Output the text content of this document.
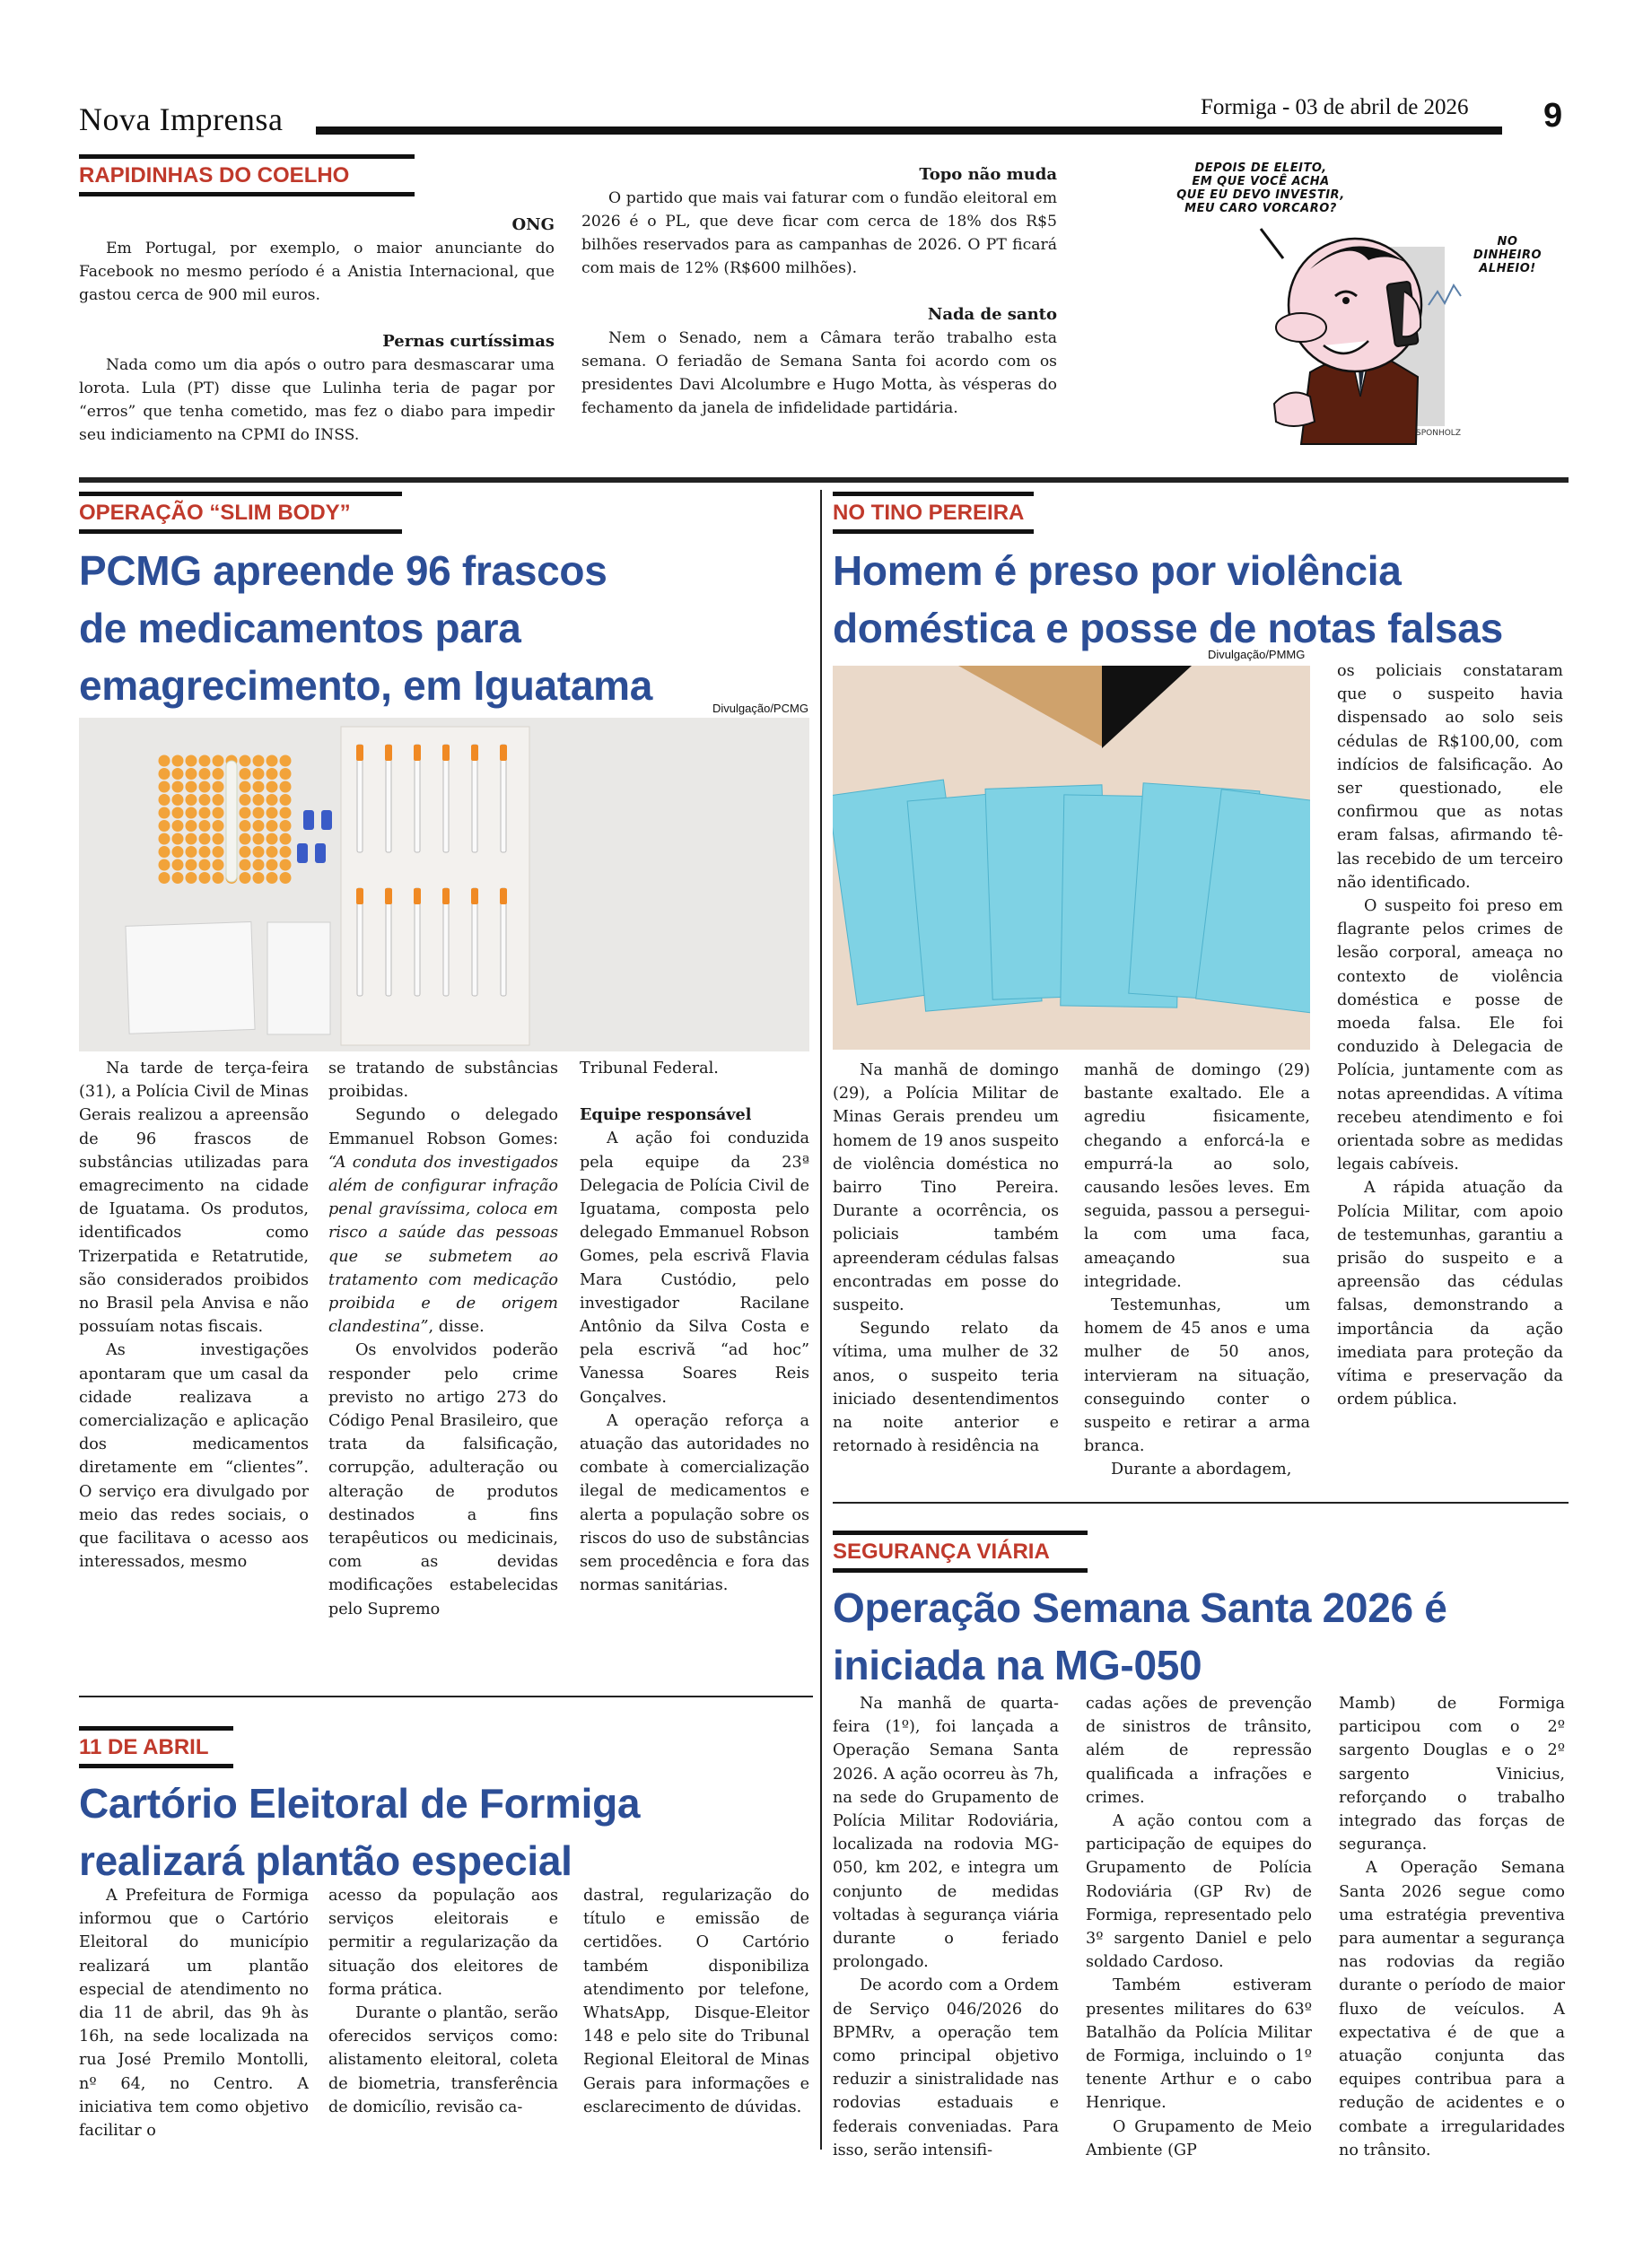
Nova Imprensa	Formiga - 03 de abril de 2026 9
RAPIDINHAS DO COELHO
ONG

Em Portugal, por exemplo, o maior anunciante do Facebook no mesmo período é a Anistia Internacional, que gastou cerca de 900 mil euros.

Pernas curtíssimas

Nada como um dia após o outro para desmascarar uma lorota. Lula (PT) disse que Lulinha teria de pagar por “erros” que tenha cometido, mas fez o diabo para impedir seu indiciamento na CPMI do INSS.

Topo não muda

O partido que mais vai faturar com o fundão eleitoral em 2026 é o PL, que deve ficar com cerca de 18% dos R$5 bilhões reservados para as campanhas de 2026. O PT ficará com mais de 12% (R$600 milhões).

Nada de santo

Nem o Senado, nem a Câmara terão trabalho esta semana. O feriadão de Semana Santa foi acordo com os presidentes Davi Alcolumbre e Hugo Motta, às vésperas do fechamento da janela de infidelidade partidária.

DEPOIS DE ELEITO,
EM QUE VOCÊ ACHA
QUE EU DEVO INVESTIR,
MEU CARO VORCARO?
NO
DINHEIRO
ALHEIO!
SPONHOLZ
OPERAÇÃO “SLIM BODY”
PCMG apreende 96 frascos
de medicamentos para
emagrecimento, em Iguatama	Divulgação/PCMG

Na tarde de terça-feira (31), a Polícia Civil de Minas Gerais realizou a apreensão de 96 frascos de substâncias utilizadas para emagrecimento na cidade de Iguatama. Os produtos, identificados como Trizerpatida e Retatrutide, são considerados proibidos no Brasil pela Anvisa e não possuíam notas fiscais.

As investigações apontaram que um casal da cidade realizava a comercialização e aplicação dos medicamentos diretamente em “clientes”. O serviço era divulgado por meio das redes sociais, o que facilitava o acesso aos interessados, mesmo

se tratando de substâncias proibidas.

Segundo o delegado Emmanuel Robson Gomes: “A conduta dos investigados além de configurar infração penal gravíssima, coloca em risco a saúde das pessoas que se submetem ao tratamento com medicação proibida e de origem clandestina”, disse.

Os envolvidos poderão responder pelo crime previsto no artigo 273 do Código Penal Brasileiro, que trata da falsificação, corrupção, adulteração ou alteração de produtos destinados a fins terapêuticos ou medicinais, com as devidas modificações estabelecidas pelo Supremo

Tribunal Federal.

Equipe responsável

A ação foi conduzida pela equipe da 23ª Delegacia de Polícia Civil de Iguatama, composta pelo delegado Emmanuel Robson Gomes, pela escrivã Flavia Mara Custódio, pelo investigador Racilane Antônio da Silva Costa e pela escrivã “ad hoc” Vanessa Soares Reis Gonçalves.

A operação reforça a atuação das autoridades no combate à comercialização ilegal de medicamentos e alerta a população sobre os riscos do uso de substâncias sem procedência e fora das normas sanitárias.

NO TINO PEREIRA
Homem é preso por violência
doméstica e posse de notas falsas
Divulgação/PMMG

Na manhã de domingo (29), a Polícia Militar de Minas Gerais prendeu um homem de 19 anos suspeito de violência doméstica no bairro Tino Pereira. Durante a ocorrência, os policiais também apreenderam cédulas falsas encontradas em posse do suspeito.

Segundo relato da vítima, uma mulher de 32 anos, o suspeito teria iniciado desentendimentos na noite anterior e retornado à residência na

manhã de domingo (29) bastante exaltado. Ele a agrediu fisicamente, chegando a enforcá-la e empurrá-la ao solo, causando lesões leves. Em seguida, passou a persegui-la com uma faca, ameaçando sua integridade.

Testemunhas, um homem de 45 anos e uma mulher de 50 anos, intervieram na situação, conseguindo conter o suspeito e retirar a arma branca.

Durante a abordagem,

os policiais constataram que o suspeito havia dispensado ao solo seis cédulas de R$100,00, com indícios de falsificação. Ao ser questionado, ele confirmou que as notas eram falsas, afirmando tê-las recebido de um terceiro não identificado.

O suspeito foi preso em flagrante pelos crimes de lesão corporal, ameaça no contexto de violência doméstica e posse de moeda falsa. Ele foi conduzido à Delegacia de Polícia, juntamente com as notas apreendidas. A vítima recebeu atendimento e foi orientada sobre as medidas legais cabíveis.

A rápida atuação da Polícia Militar, com apoio de testemunhas, garantiu a prisão do suspeito e a apreensão das cédulas falsas, demonstrando a importância da ação imediata para proteção da vítima e preservação da ordem pública.

11 DE ABRIL
Cartório Eleitoral de Formiga
realizará plantão especial

A Prefeitura de Formiga informou que o Cartório Eleitoral do município realizará um plantão especial de atendimento no dia 11 de abril, das 9h às 16h, na sede localizada na rua José Premilo Montolli, nº 64, no Centro. A iniciativa tem como objetivo facilitar o

acesso da população aos serviços eleitorais e permitir a regularização da situação dos eleitores de forma prática.

Durante o plantão, serão oferecidos serviços como: alistamento eleitoral, coleta de biometria, transferência de domicílio, revisão ca-

dastral, regularização do título e emissão de certidões. O Cartório também disponibiliza atendimento por telefone, WhatsApp, Disque-Eleitor 148 e pelo site do Tribunal Regional Eleitoral de Minas Gerais para informações e esclarecimento de dúvidas.

SEGURANÇA VIÁRIA
Operação Semana Santa 2026 é
iniciada na MG-050

Na manhã de quarta-feira (1º), foi lançada a Operação Semana Santa 2026. A ação ocorreu às 7h, na sede do Grupamento de Polícia Militar Rodoviária, localizada na rodovia MG-050, km 202, e integra um conjunto de medidas voltadas à segurança viária durante o feriado prolongado.

De acordo com a Ordem de Serviço 046/2026 do BPMRv, a operação tem como principal objetivo reduzir a sinistralidade nas rodovias estaduais e federais conveniadas. Para isso, serão intensifi-

cadas ações de prevenção de sinistros de trânsito, além de repressão qualificada a infrações e crimes.

A ação contou com a participação de equipes do Grupamento de Polícia Rodoviária (GP Rv) de Formiga, representado pelo 3º sargento Daniel e pelo soldado Cardoso.

Também estiveram presentes militares do 63º Batalhão da Polícia Militar de Formiga, incluindo o 1º tenente Arthur e o cabo Henrique.

O Grupamento de Meio Ambiente (GP

Mamb) de Formiga participou com o 2º sargento Douglas e o 2º sargento Vinicius, reforçando o trabalho integrado das forças de segurança.

A Operação Semana Santa 2026 segue como uma estratégia preventiva para aumentar a segurança nas rodovias da região durante o período de maior fluxo de veículos. A expectativa é de que a atuação conjunta das equipes contribua para a redução de acidentes e o combate a irregularidades no trânsito.
